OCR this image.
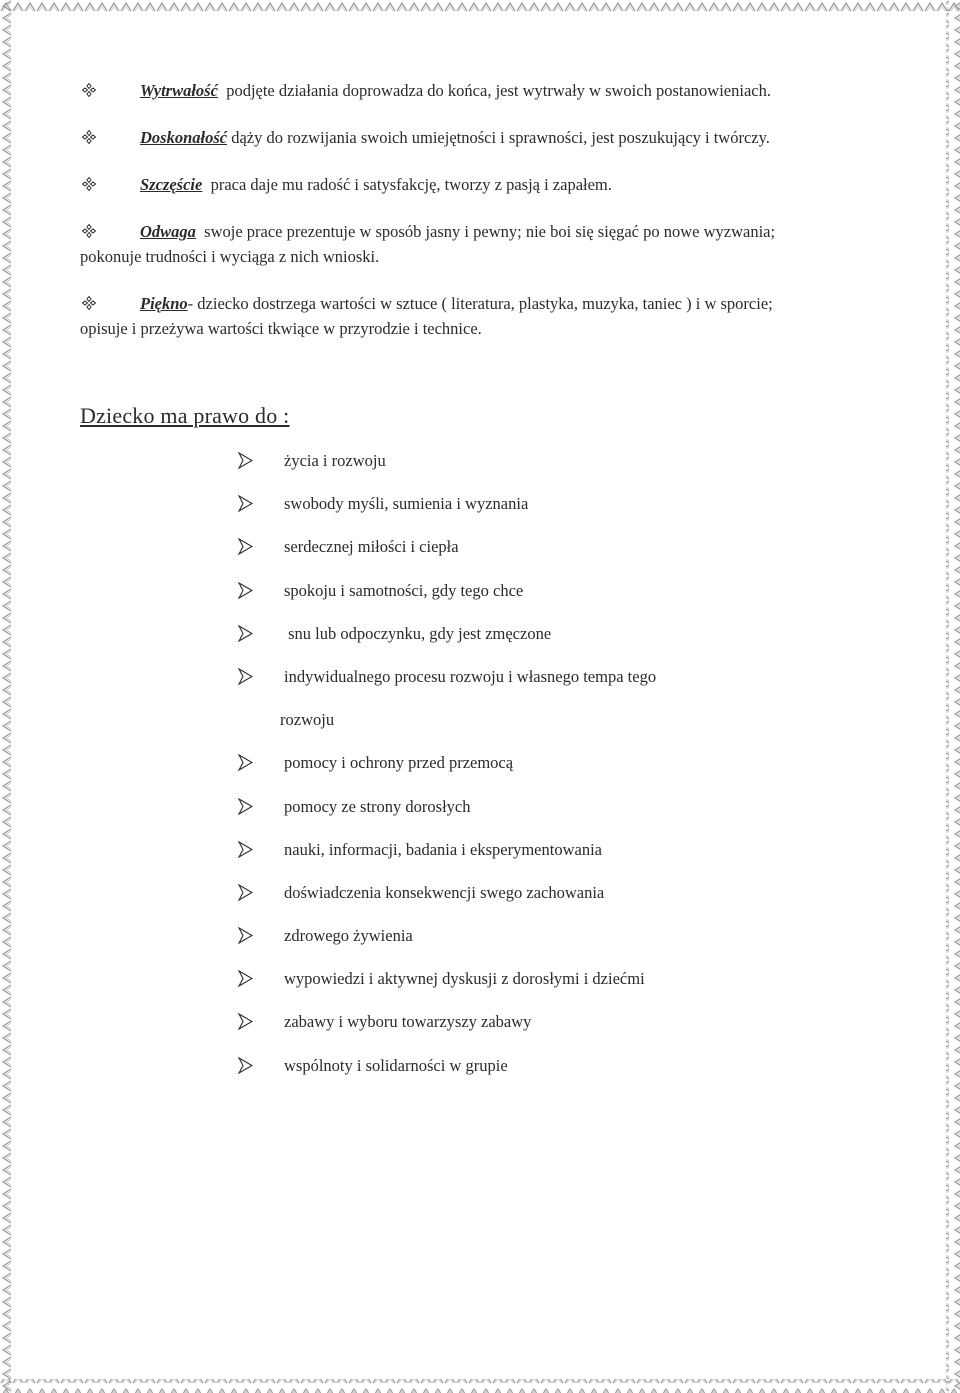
Wytrwałość  podjęte działania doprowadza do końca, jest wytrwały w swoich postanowieniach.
Doskonałość dąży do rozwijania swoich umiejętności i sprawności, jest poszukujący i twórczy.
Szczęście  praca daje mu radość i satysfakcję, tworzy z pasją i zapałem.
Odwaga  swoje prace prezentuje w sposób jasny i pewny; nie boi się sięgać po nowe wyzwania; pokonuje trudności i wyciąga z nich wnioski.
Piękno- dziecko dostrzega wartości w sztuce ( literatura, plastyka, muzyka, taniec ) i w sporcie; opisuje i przeżywa wartości tkwiące w przyrodzie i technice.
Dziecko ma prawo do :
życia i rozwoju
swobody myśli, sumienia i wyznania
serdecznej miłości i ciepła
spokoju i samotności, gdy tego chce
snu lub odpoczynku, gdy jest zmęczone
indywidualnego procesu rozwoju i własnego tempa tego
rozwoju
pomocy i ochrony przed przemocą
pomocy ze strony dorosłych
nauki, informacji, badania i eksperymentowania
doświadczenia konsekwencji swego zachowania
zdrowego żywienia
wypowiedzi i aktywnej dyskusji z dorosłymi i dziećmi
zabawy i wyboru towarzyszy zabawy
wspólnoty i solidarności w grupie
